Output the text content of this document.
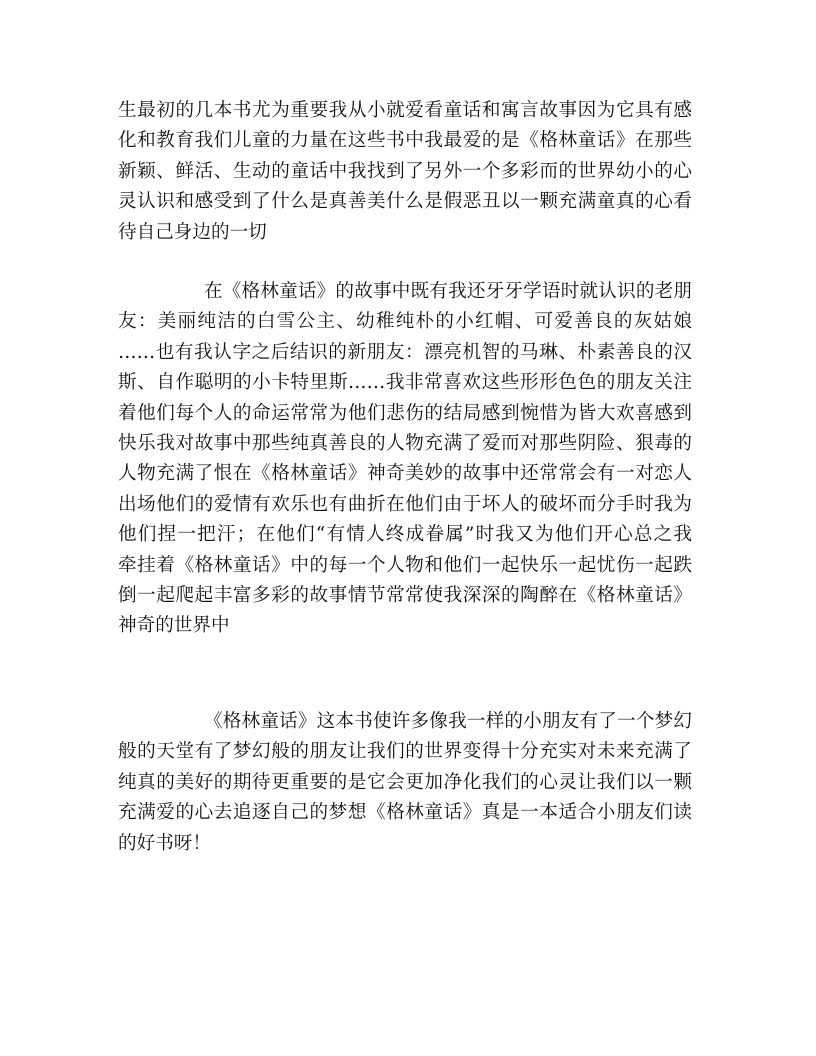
生最初的几本书尤为重要我从小就爱看童话和寓言故事因为它具有感
化和教育我们儿童的力量在这些书中我最爱的是《格林童话》在那些
新颖、鲜活、生动的童话中我找到了另外一个多彩而的世界幼小的心
灵认识和感受到了什么是真善美什么是假恶丑以一颗充满童真的心看
待自己身边的一切
在《格林童话》的故事中既有我还牙牙学语时就认识的老朋
友：美丽纯洁的白雪公主、幼稚纯朴的小红帽、可爱善良的灰姑娘
……也有我认字之后结识的新朋友：漂亮机智的马琳、朴素善良的汉
斯、自作聪明的小卡特里斯……我非常喜欢这些形形色色的朋友关注
着他们每个人的命运常常为他们悲伤的结局感到惋惜为皆大欢喜感到
快乐我对故事中那些纯真善良的人物充满了爱而对那些阴险、狠毒的
人物充满了恨在《格林童话》神奇美妙的故事中还常常会有一对恋人
出场他们的爱情有欢乐也有曲折在他们由于坏人的破坏而分手时我为
他们捏一把汗；在他们“有情人终成眷属”时我又为他们开心总之我
牵挂着《格林童话》中的每一个人物和他们一起快乐一起忧伤一起跌
倒一起爬起丰富多彩的故事情节常常使我深深的陶醉在《格林童话》
神奇的世界中
《格林童话》这本书使许多像我一样的小朋友有了一个梦幻
般的天堂有了梦幻般的朋友让我们的世界变得十分充实对未来充满了
纯真的美好的期待更重要的是它会更加净化我们的心灵让我们以一颗
充满爱的心去追逐自己的梦想《格林童话》真是一本适合小朋友们读
的好书呀！
